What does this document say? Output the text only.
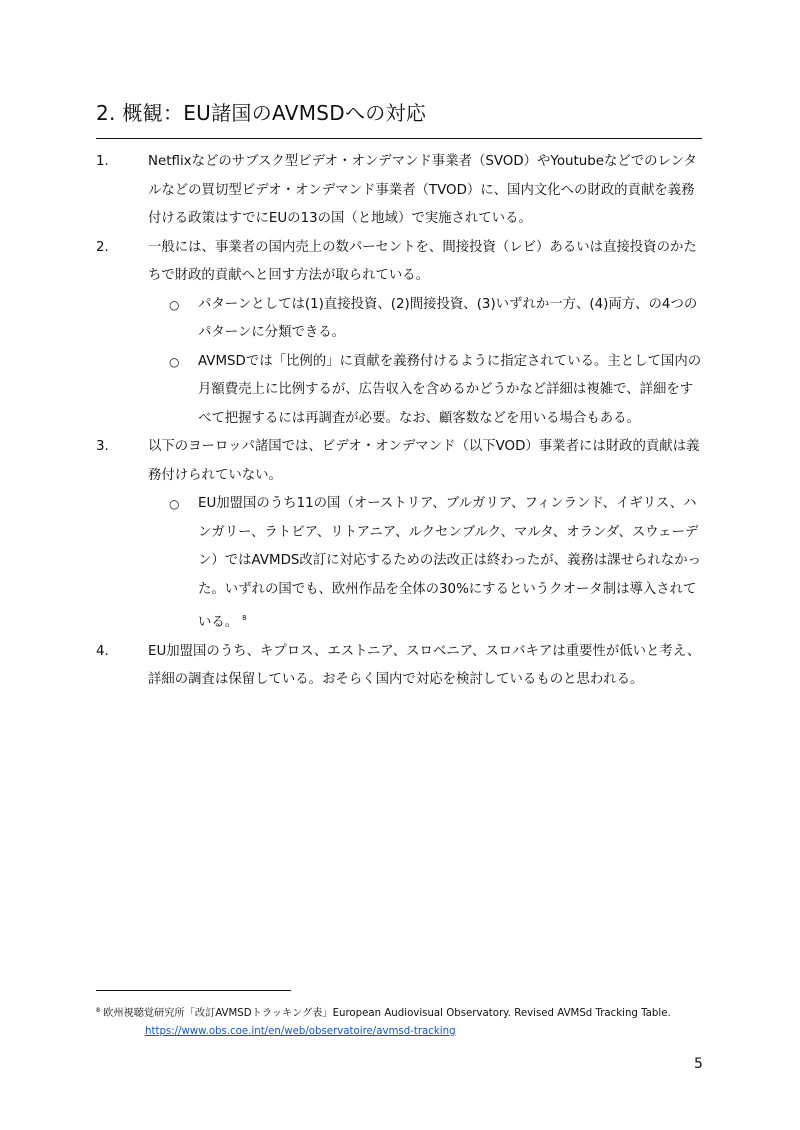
2. 概観：EU諸国のAVMSDへの対応
1.	Netflixなどのサブスク型ビデオ・オンデマンド事業者（SVOD）やYoutubeなどでのレンタルなどの買切型ビデオ・オンデマンド事業者（TVOD）に、国内文化への財政的貢献を義務付ける政策はすでにEUの13の国（と地域）で実施されている。
2.	一般には、事業者の国内売上の数パーセントを、間接投資（レビ）あるいは直接投資のかたちで財政的貢献へと回す方法が取られている。
○ パターンとしては(1)直接投資、(2)間接投資、(3)いずれか一方、(4)両方、の4つのパターンに分類できる。
○ AVMSDでは「比例的」に貢献を義務付けるように指定されている。主として国内の月額費売上に比例するが、広告収入を含めるかどうかなど詳細は複雑で、詳細をすべて把握するには再調査が必要。なお、顧客数などを用いる場合もある。
3.	以下のヨーロッパ諸国では、ビデオ・オンデマンド（以下VOD）事業者には財政的貢献は義務付けられていない。
○ EU加盟国のうち11の国（オーストリア、ブルガリア、フィンランド、イギリス、ハンガリー、ラトビア、リトアニア、ルクセンブルク、マルタ、オランダ、スウェーデン）ではAVMDS改訂に対応するための法改正は終わったが、義務は課せられなかった。いずれの国でも、欧州作品を全体の30%にするというクオータ制は導入されている。 $^8$
4.	EU加盟国のうち、キプロス、エストニア、スロベニア、スロバキアは重要性が低いと考え、詳細の調査は保留している。おそらく国内で対応を検討しているものと思われる。
$^8$ 欧州視聴覚研究所「改訂AVMSDトラッキング表」European Audiovisual Observatory. Revised AVMSd Tracking Table.
https://www.obs.coe.int/en/web/observatoire/avmsd-tracking
5
